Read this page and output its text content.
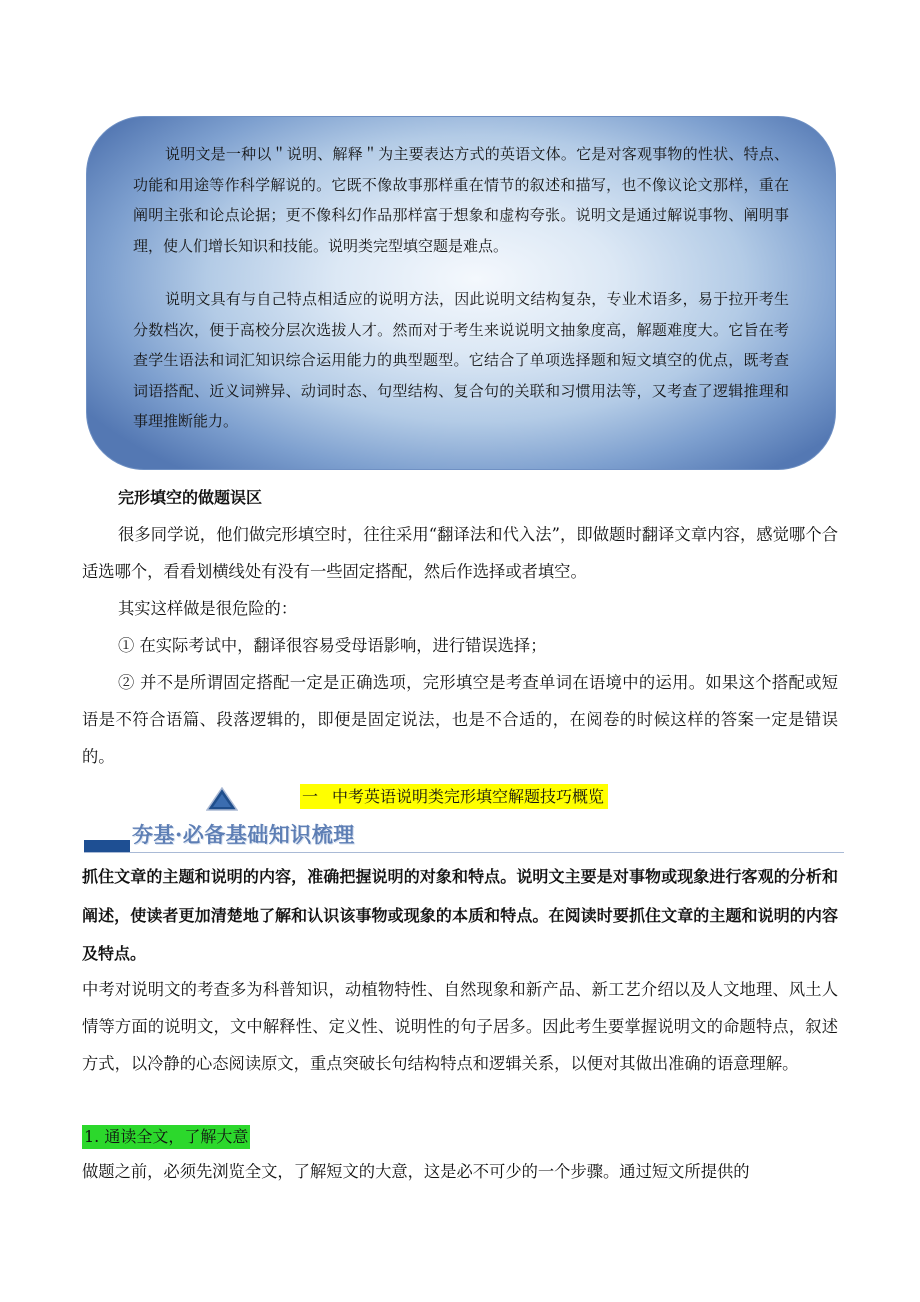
说明文是一种以＂说明、解释＂为主要表达方式的英语文体。它是对客观事物的性状、特点、功能和用途等作科学解说的。它既不像故事那样重在情节的叙述和描写，也不像议论文那样，重在阐明主张和论点论据；更不像科幻作品那样富于想象和虚构夸张。说明文是通过解说事物、阐明事理，使人们增长知识和技能。说明类完型填空题是难点。

说明文具有与自己特点相适应的说明方法，因此说明文结构复杂，专业术语多，易于拉开考生分数档次，便于高校分层次选拔人才。然而对于考生来说说明文抽象度高，解题难度大。它旨在考查学生语法和词汇知识综合运用能力的典型题型。它结合了单项选择题和短文填空的优点，既考查词语搭配、近义词辨异、动词时态、句型结构、复合句的关联和习惯用法等，又考查了逻辑推理和事理推断能力。

完形填空的做题误区

很多同学说，他们做完形填空时，往往采用“翻译法和代入法”，即做题时翻译文章内容，感觉哪个合适选哪个，看看划横线处有没有一些固定搭配，然后作选择或者填空。

其实这样做是很危险的：

① 在实际考试中，翻译很容易受母语影响，进行错误选择；

② 并不是所谓固定搭配一定是正确选项，完形填空是考查单词在语境中的运用。如果这个搭配或短语是不符合语篇、段落逻辑的，即便是固定说法，也是不合适的，在阅卷的时候这样的答案一定是错误的。

一 中考英语说明类完形填空解题技巧概览
夯基·必备基础知识梳理

抓住文章的主题和说明的内容，准确把握说明的对象和特点。说明文主要是对事物或现象进行客观的分析和阐述，使读者更加清楚地了解和认识该事物或现象的本质和特点。在阅读时要抓住文章的主题和说明的内容及特点。

中考对说明文的考查多为科普知识，动植物特性、自然现象和新产品、新工艺介绍以及人文地理、风土人情等方面的说明文，文中解释性、定义性、说明性的句子居多。因此考生要掌握说明文的命题特点，叙述方式，以冷静的心态阅读原文，重点突破长句结构特点和逻辑关系，以便对其做出准确的语意理解。

1. 通读全文，了解大意

做题之前，必须先浏览全文，了解短文的大意，这是必不可少的一个步骤。通过短文所提供的
